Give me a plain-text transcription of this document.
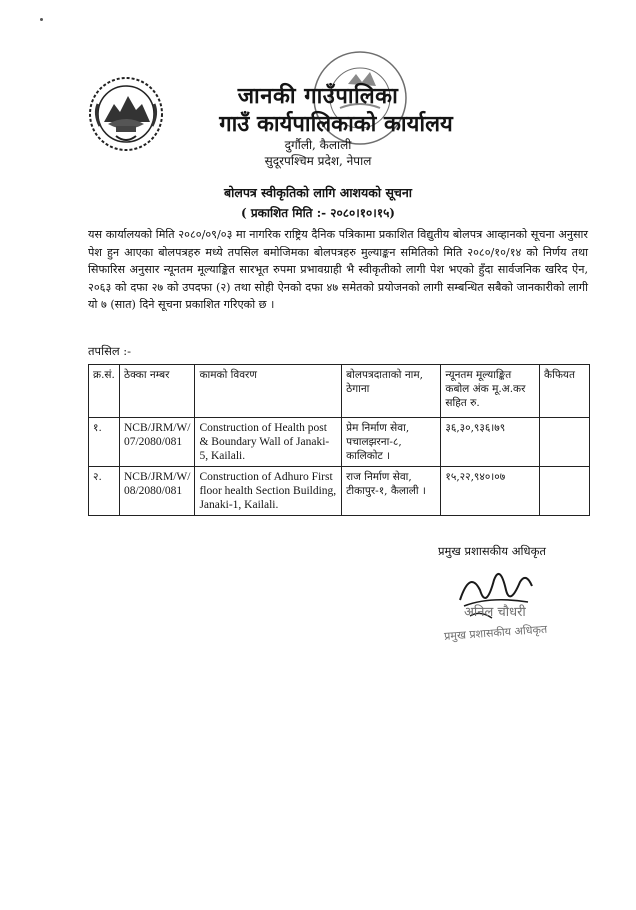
जानकी गाउँपालिका
गाउँ कार्यपालिकाको कार्यालय
दुर्गौली, कैलाली
सुदूरपश्चिम प्रदेश, नेपाल
बोलपत्र स्वीकृतिको लागि आशयको सूचना
( प्रकाशित मिति :- २०८०।१०।१५)
यस कार्यालयको मिति २०८०/०९/०३ मा नागरिक राष्ट्रिय दैनिक पत्रिकामा प्रकाशित विद्युतीय बोलपत्र आव्हानको सूचना अनुसार पेश हुन आएका बोलपत्रहरु मध्ये तपसिल बमोजिमका बोलपत्रहरु मुल्याङ्कन समितिको मिति २०८०/१०/१४ को निर्णय तथा सिफारिस अनुसार न्यूनतम मूल्याङ्कित सारभूत रुपमा प्रभावग्राही भै स्वीकृतीको लागी पेश भएको हुँदा सार्वजनिक खरिद ऐन, २०६३ को दफा २७ को उपदफा (२) तथा सोही ऐनको दफा ४७ समेतको प्रयोजनको लागी सम्बन्धित सबैको जानकारीको लागी यो ७ (सात) दिने सूचना प्रकाशित गरिएको छ ।
तपसिल :-
क्र.सं.	ठेक्का नम्बर	कामको विवरण	बोलपत्रदाताको नाम, ठेगाना	न्यूनतम मूल्याङ्कित कबोल अंक मू.अ.कर सहित रु.	कैफियत
१.	NCB/JRM/W/ 07/2080/081	Construction of Health post & Boundary Wall of Janaki-5, Kailali.	प्रेम निर्माण सेवा, पचालझरना-८, कालिकोट ।	३६,३०,९३६।७९	
२.	NCB/JRM/W/ 08/2080/081	Construction of Adhuro First floor health Section Building, Janaki-1, Kailali.	राज निर्माण सेवा, टीकापुर-१, कैलाली ।	१५,२२,९४०।०७	
प्रमुख प्रशासकीय अधिकृत
अनिल चौधरी
प्रमुख प्रशासकीय अधिकृत
